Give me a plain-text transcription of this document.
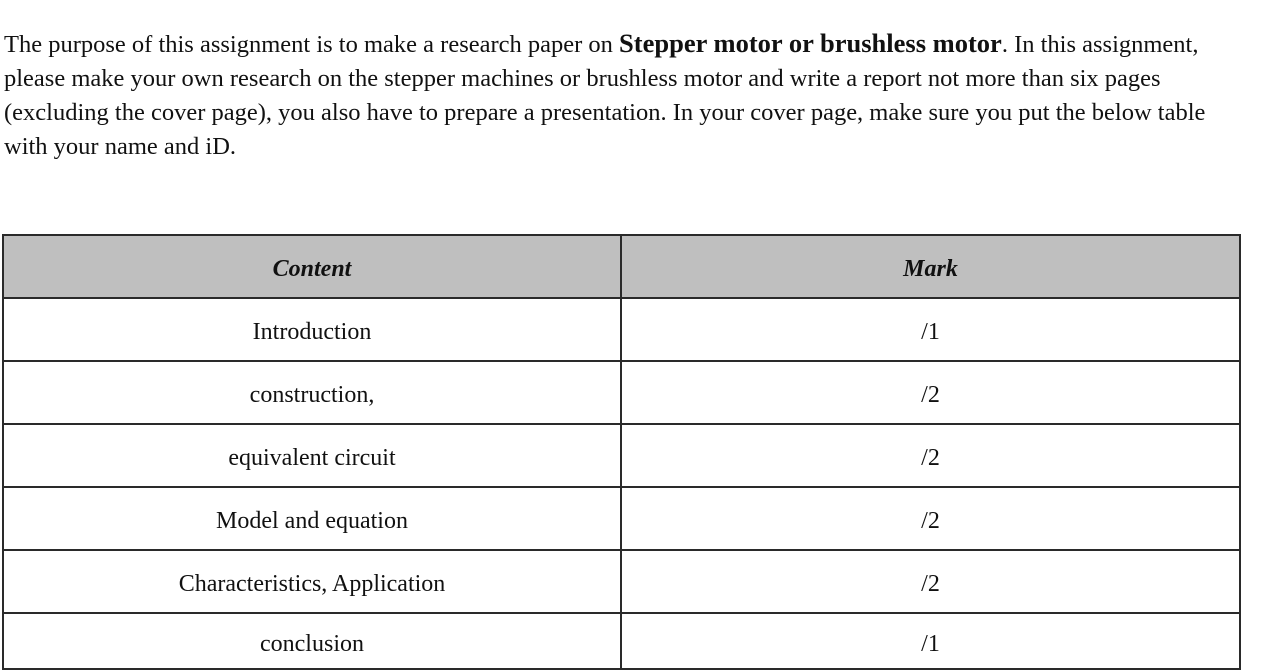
The purpose of this assignment is to make a research paper on Stepper motor or brushless motor. In this assignment, please make your own research on the stepper machines or brushless motor and write a report not more than six pages (excluding the cover page), you also have to prepare a presentation. In your cover page, make sure you put the below table with your name and iD.

Content	Mark
Introduction	/1
construction,	/2
equivalent circuit	/2
Model and equation	/2
Characteristics, Application	/2
conclusion	/1
